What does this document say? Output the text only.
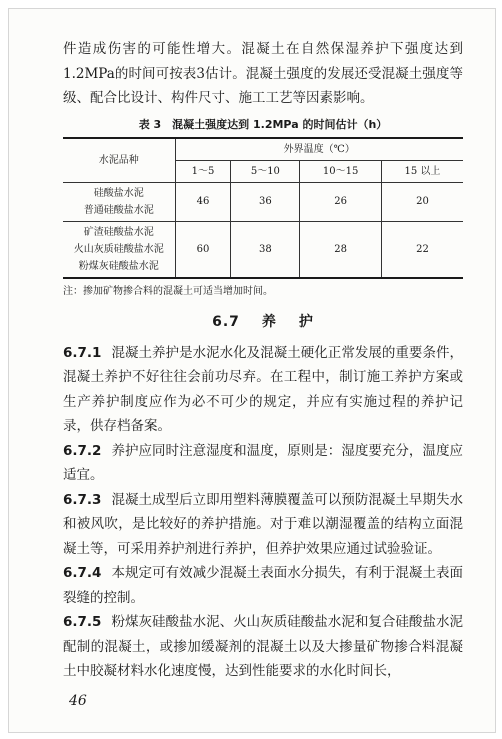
件造成伤害的可能性增大。混凝土在自然保湿养护下强度达到1.2MPa的时间可按表3估计。混凝土强度的发展还受混凝土强度等级、配合比设计、构件尺寸、施工工艺等因素影响。

表 3　混凝土强度达到 1.2MPa 的时间估计（h）
水泥品种	外界温度（℃）			
	1～5	5～10	10～15	15 以上

硅酸盐水泥
普通硅酸盐水泥	46	36	26	20

矿渣硅酸盐水泥
火山灰质硅酸盐水泥
粉煤灰硅酸盐水泥	60	38	28	22

注：掺加矿物掺合料的混凝土可适当增加时间。

6.7 养 护

6.7.1 混凝土养护是水泥水化及混凝土硬化正常发展的重要条件，混凝土养护不好往往会前功尽弃。在工程中，制订施工养护方案或生产养护制度应作为必不可少的规定，并应有实施过程的养护记录，供存档备案。

6.7.2 养护应同时注意湿度和温度，原则是：湿度要充分，温度应适宜。

6.7.3 混凝土成型后立即用塑料薄膜覆盖可以预防混凝土早期失水和被风吹，是比较好的养护措施。对于难以潮湿覆盖的结构立面混凝土等，可采用养护剂进行养护，但养护效果应通过试验验证。

6.7.4 本规定可有效减少混凝土表面水分损失，有利于混凝土表面裂缝的控制。

6.7.5 粉煤灰硅酸盐水泥、火山灰质硅酸盐水泥和复合硅酸盐水泥配制的混凝土，或掺加缓凝剂的混凝土以及大掺量矿物掺合料混凝土中胶凝材料水化速度慢，达到性能要求的水化时间长，

46
